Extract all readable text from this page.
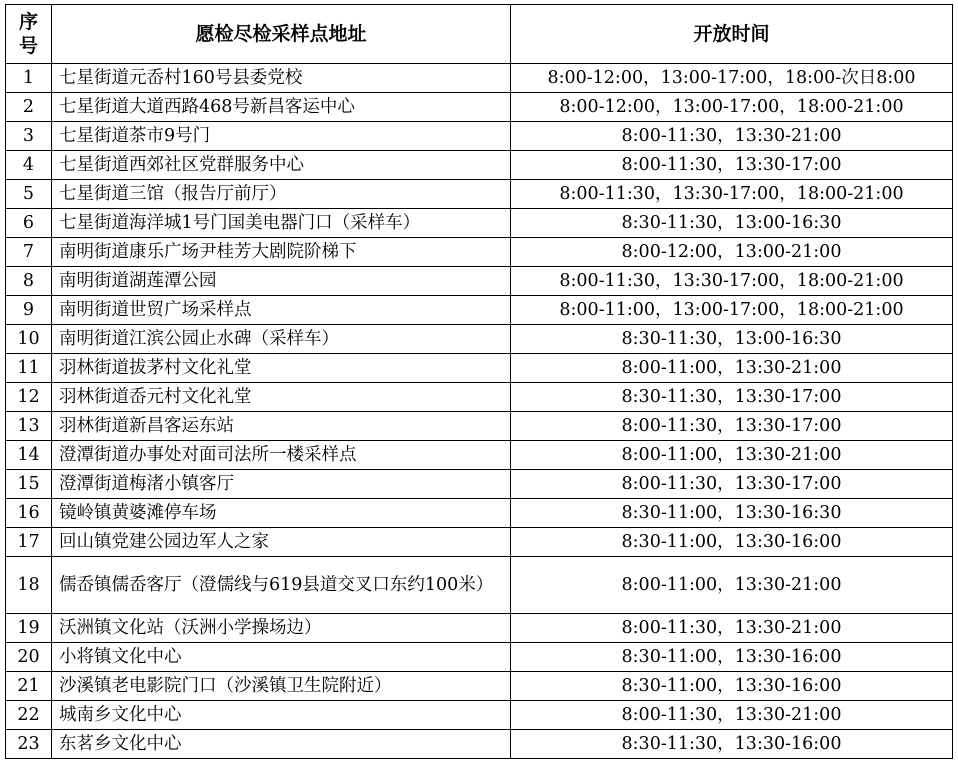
序
号	愿检尽检采样点地址	开放时间
1	七星街道元岙村160号县委党校	8:00-12:00，13:00-17:00，18:00-次日8:00
2	七星街道大道西路468号新昌客运中心	8:00-12:00，13:00-17:00，18:00-21:00
3	七星街道茶市9号门	8:00-11:30，13:30-21:00
4	七星街道西郊社区党群服务中心	8:00-11:30，13:30-17:00
5	七星街道三馆（报告厅前厅）	8:00-11:30，13:30-17:00，18:00-21:00
6	七星街道海洋城1号门国美电器门口（采样车）	8:30-11:30，13:00-16:30
7	南明街道康乐广场尹桂芳大剧院阶梯下	8:00-12:00，13:00-21:00
8	南明街道湖莲潭公园	8:00-11:30，13:30-17:00，18:00-21:00
9	南明街道世贸广场采样点	8:00-11:00，13:00-17:00，18:00-21:00
10	南明街道江滨公园止水碑（采样车）	8:30-11:30，13:00-16:30
11	羽林街道拔茅村文化礼堂	8:00-11:00，13:30-21:00
12	羽林街道岙元村文化礼堂	8:30-11:30，13:30-17:00
13	羽林街道新昌客运东站	8:00-11:30，13:30-17:00
14	澄潭街道办事处对面司法所一楼采样点	8:00-11:00，13:30-21:00
15	澄潭街道梅渚小镇客厅	8:00-11:30，13:30-17:00
16	镜岭镇黄婆滩停车场	8:30-11:00，13:30-16:30
17	回山镇党建公园边军人之家	8:30-11:00，13:30-16:00
18	儒岙镇儒岙客厅（澄儒线与619县道交叉口东约100米）	8:00-11:00，13:30-21:00
19	沃洲镇文化站（沃洲小学操场边）	8:00-11:30，13:30-21:00
20	小将镇文化中心	8:30-11:00，13:30-16:00
21	沙溪镇老电影院门口（沙溪镇卫生院附近）	8:30-11:00，13:30-16:00
22	城南乡文化中心	8:00-11:30，13:30-21:00
23	东茗乡文化中心	8:30-11:30，13:30-16:00
